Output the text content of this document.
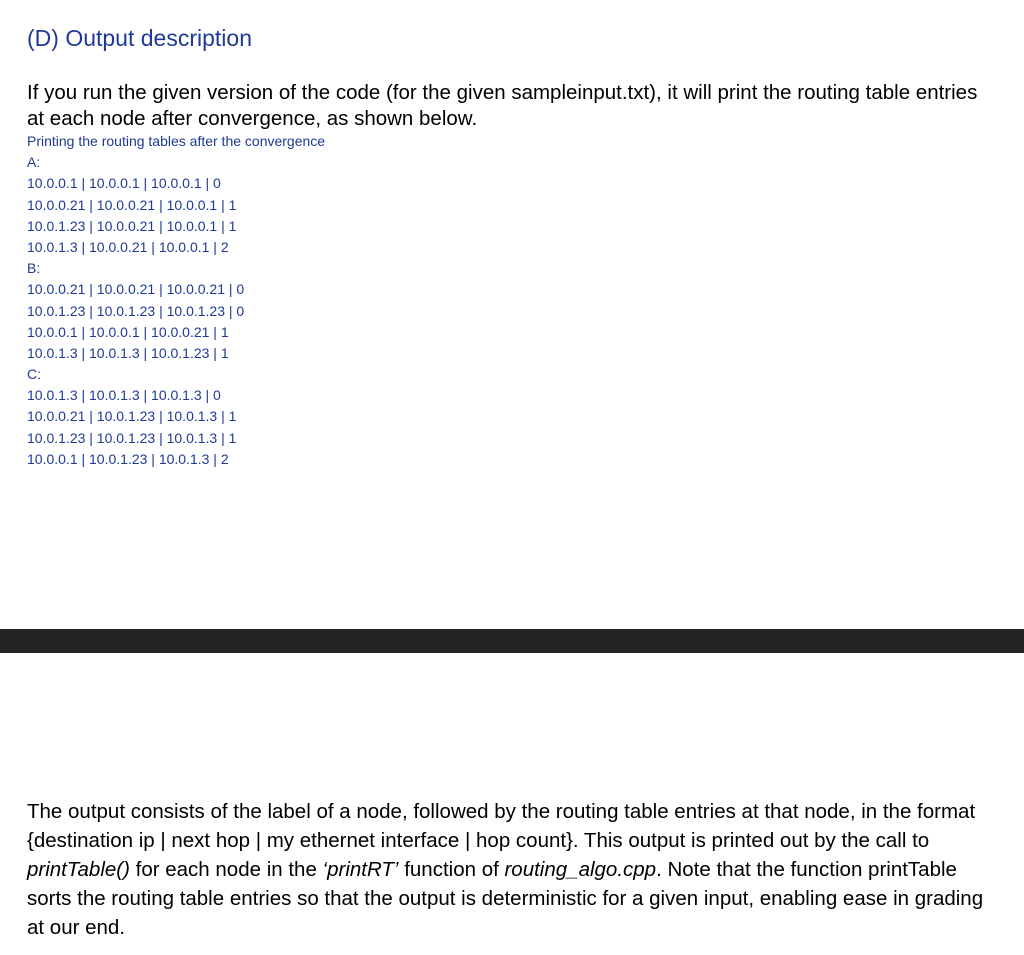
(D) Output description
If you run the given version of the code (for the given sampleinput.txt), it will print the routing table entries at each node after convergence, as shown below.
Printing the routing tables after the convergence
A:
10.0.0.1 | 10.0.0.1 | 10.0.0.1 | 0
10.0.0.21 | 10.0.0.21 | 10.0.0.1 | 1
10.0.1.23 | 10.0.0.21 | 10.0.0.1 | 1
10.0.1.3 | 10.0.0.21 | 10.0.0.1 | 2
B:
10.0.0.21 | 10.0.0.21 | 10.0.0.21 | 0
10.0.1.23 | 10.0.1.23 | 10.0.1.23 | 0
10.0.0.1 | 10.0.0.1 | 10.0.0.21 | 1
10.0.1.3 | 10.0.1.3 | 10.0.1.23 | 1
C:
10.0.1.3 | 10.0.1.3 | 10.0.1.3 | 0
10.0.0.21 | 10.0.1.23 | 10.0.1.3 | 1
10.0.1.23 | 10.0.1.23 | 10.0.1.3 | 1
10.0.0.1 | 10.0.1.23 | 10.0.1.3 | 2
The output consists of the label of a node, followed by the routing table entries at that node, in the format {destination ip | next hop | my ethernet interface | hop count}. This output is printed out by the call to printTable() for each node in the ‘printRT’ function of routing_algo.cpp. Note that the function printTable sorts the routing table entries so that the output is deterministic for a given input, enabling ease in grading at our end.
